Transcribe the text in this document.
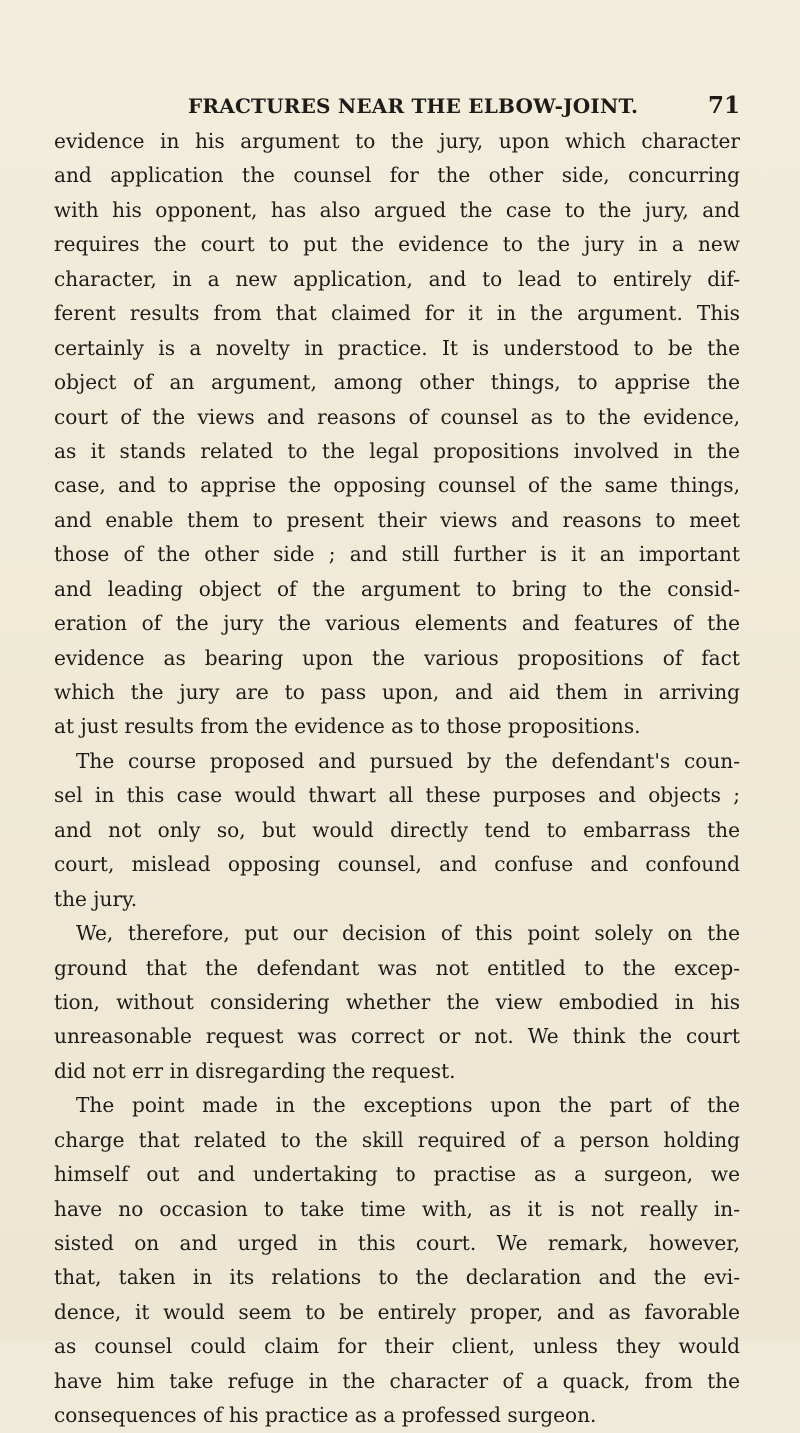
FRACTURES NEAR THE ELBOW-JOINT.	71
evidence in his argument to the jury, upon which character
and application the counsel for the other side, concurring
with his opponent, has also argued the case to the jury, and
requires the court to put the evidence to the jury in a new
character, in a new application, and to lead to entirely dif-
ferent results from that claimed for it in the argument. This
certainly is a novelty in practice. It is understood to be the
object of an argument, among other things, to apprise the
court of the views and reasons of counsel as to the evidence,
as it stands related to the legal propositions involved in the
case, and to apprise the opposing counsel of the same things,
and enable them to present their views and reasons to meet
those of the other side ; and still further is it an important
and leading object of the argument to bring to the consid-
eration of the jury the various elements and features of the
evidence as bearing upon the various propositions of fact
which the jury are to pass upon, and aid them in arriving
at just results from the evidence as to those propositions.
The course proposed and pursued by the defendant's coun-
sel in this case would thwart all these purposes and objects ;
and not only so, but would directly tend to embarrass the
court, mislead opposing counsel, and confuse and confound
the jury.
We, therefore, put our decision of this point solely on the
ground that the defendant was not entitled to the excep-
tion, without considering whether the view embodied in his
unreasonable request was correct or not. We think the court
did not err in disregarding the request.
The point made in the exceptions upon the part of the
charge that related to the skill required of a person holding
himself out and undertaking to practise as a surgeon, we
have no occasion to take time with, as it is not really in-
sisted on and urged in this court. We remark, however,
that, taken in its relations to the declaration and the evi-
dence, it would seem to be entirely proper, and as favorable
as counsel could claim for their client, unless they would
have him take refuge in the character of a quack, from the
consequences of his practice as a professed surgeon.
